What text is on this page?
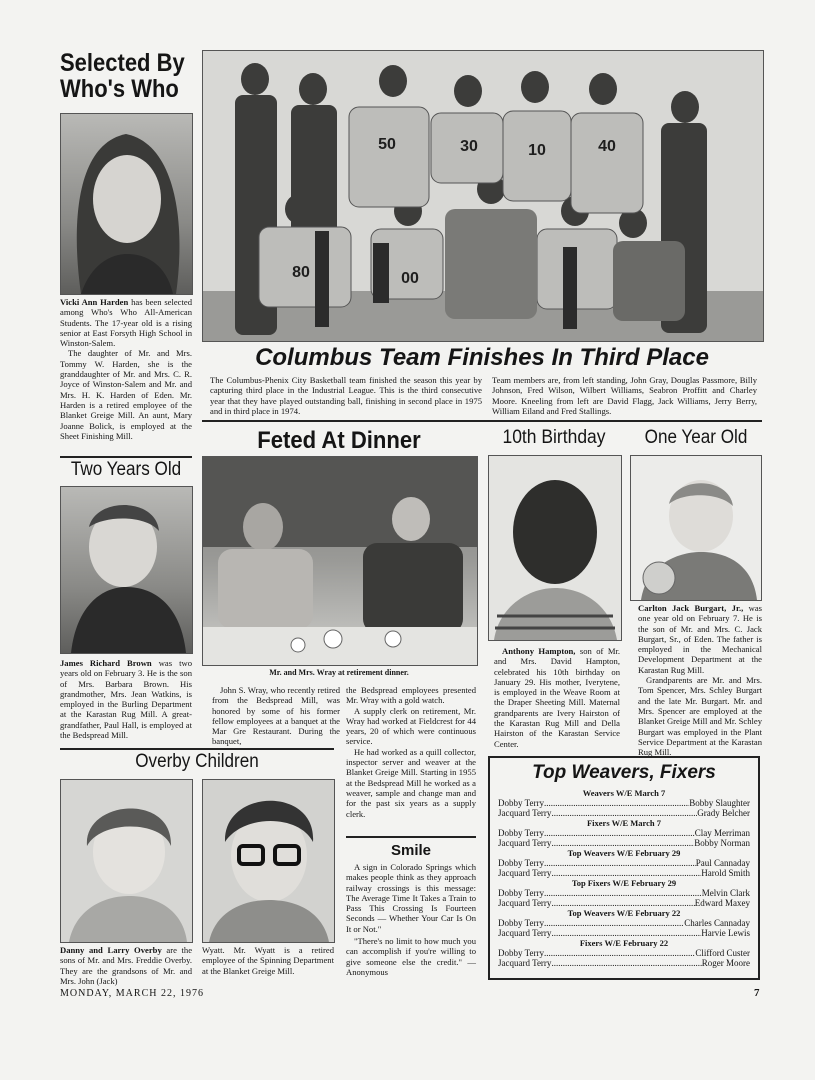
Selected By Who's Who

Vicki Ann Harden has been selected among Who's Who All-American Students. The 17-year old is a rising senior at East Forsyth High School in Winston-Salem.

The daughter of Mr. and Mrs. Tommy W. Harden, she is the granddaughter of Mr. and Mrs. C. R. Joyce of Winston-Salem and Mr. and Mrs. H. K. Harden of Eden. Mr. Harden is a retired employee of the Blanket Greige Mill. An aunt, Mary Joanne Bolick, is employed at the Sheet Finishing Mill.

50	30	10	40
80	00
Columbus Team Finishes In Third Place

The Columbus-Phenix City Basketball team finished the season this year by capturing third place in the Industrial League. This is the third consecutive year that they have played outstanding ball, finishing in second place in 1975 and in third place in 1974.

Team members are, from left standing, John Gray, Douglas Passmore, Billy Johnson, Fred Wilson, Wilbert Williams, Seabron Proffitt and Charley Moore. Kneeling from left are David Flagg, Jack Williams, Jerry Berry, William Eiland and Fred Stallings.

Two Years Old

James Richard Brown was two years old on February 3. He is the son of Mrs. Barbara Brown. His grandmother, Mrs. Jean Watkins, is employed in the Burling Department at the Karastan Rug Mill. A great-grandfather, Paul Hall, is employed at the Bedspread Mill.

Feted At Dinner

Mr. and Mrs. Wray at retirement dinner.

John S. Wray, who recently retired from the Bedspread Mill, was honored by some of his former fellow employees at a banquet at the Mar Gre Restaurant. During the banquet,

the Bedspread employees presented Mr. Wray with a gold watch.

A supply clerk on retirement, Mr. Wray had worked at Fieldcrest for 44 years, 20 of which were continuous service.

He had worked as a quill collector, inspector server and weaver at the Blanket Greige Mill. Starting in 1955 at the Bedspread Mill he worked as a weaver, sample and change man and for the past six years as a supply clerk.

Smile

A sign in Colorado Springs which makes people think as they approach railway crossings is this message: The Average Time It Takes a Train to Pass This Crossing Is Fourteen Seconds — Whether Your Car Is On It or Not."

"There's no limit to how much you can accomplish if you're willing to give someone else the credit." —Anonymous

10th Birthday

Anthony Hampton, son of Mr. and Mrs. David Hampton, celebrated his 10th birthday on January 29. His mother, Iverytene, is employed in the Weave Room at the Draper Sheeting Mill. Maternal grandparents are Ivery Hairston of the Karastan Rug Mill and Della Hairston of the Karastan Service Center.

One Year Old

Carlton Jack Burgart, Jr., was one year old on February 7. He is the son of Mr. and Mrs. C. Jack Burgart, Sr., of Eden. The father is employed in the Mechanical Development Department at the Karastan Rug Mill.

Grandparents are Mr. and Mrs. Tom Spencer, Mrs. Schley Burgart and the late Mr. Burgart. Mr. and Mrs. Spencer are employed at the Blanket Greige Mill and Mr. Schley Burgart was employed in the Plant Service Department at the Karastan Rug Mill.

Overby Children

Danny and Larry Overby are the sons of Mr. and Mrs. Freddie Overby. They are the grandsons of Mr. and Mrs. John (Jack)

Wyatt. Mr. Wyatt is a retired employee of the Spinning Department at the Blanket Greige Mill.

Top Weavers, Fixers
Weavers W/E March 7
Dobby Terry .....	Bobby Slaughter
Jacquard Terry .....	Grady Belcher
Fixers W/E March 7
Dobby Terry .....	Clay Merriman
Jacquard Terry .....	Bobby Norman
Top Weavers W/E February 29
Dobby Terry .....	Paul Cannaday
Jacquard Terry .....	Harold Smith
Top Fixers W/E February 29
Dobby Terry .....	Melvin Clark
Jacquard Terry .....	Edward Maxey
Top Weavers W/E February 22
Dobby Terry .....	Charles Cannaday
Jacquard Terry .....	Harvie Lewis
Fixers W/E February 22
Dobby Terry .....	Clifford Custer
Jacquard Terry .....	Roger Moore
MONDAY, MARCH 22, 1976	7
